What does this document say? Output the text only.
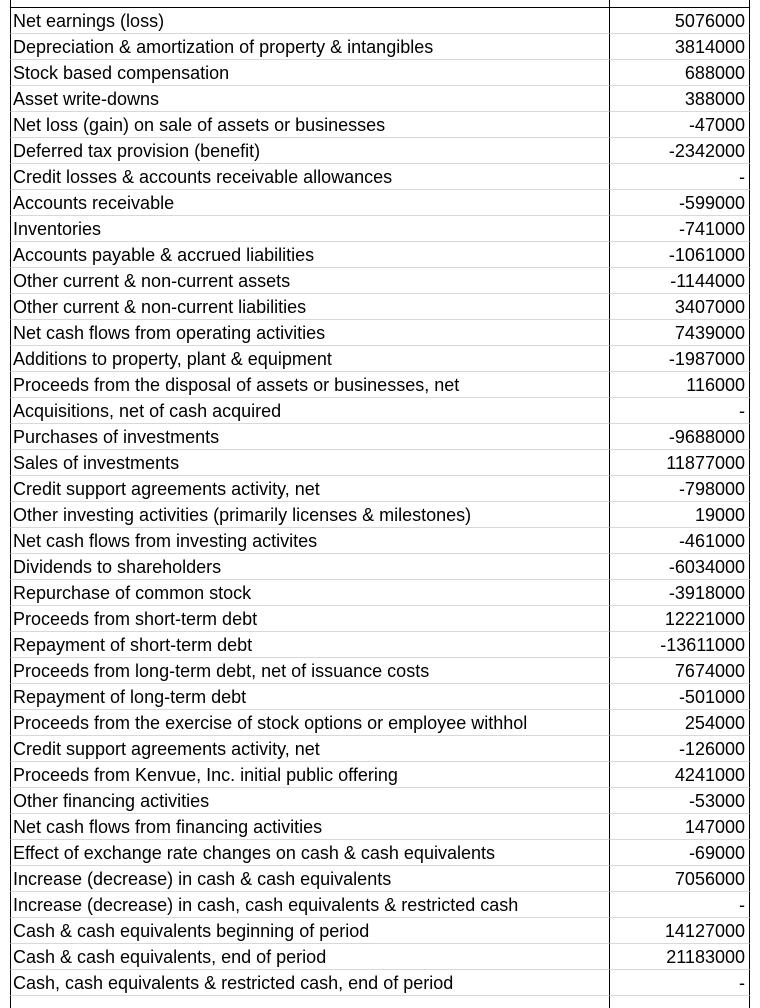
Net earnings (loss)	5076000
Depreciation & amortization of property & intangibles	3814000
Stock based compensation	688000
Asset write-downs	388000
Net loss (gain) on sale of assets or businesses	-47000
Deferred tax provision (benefit)	-2342000
Credit losses & accounts receivable allowances	-
Accounts receivable	-599000
Inventories	-741000
Accounts payable & accrued liabilities	-1061000
Other current & non-current assets	-1144000
Other current & non-current liabilities	3407000
Net cash flows from operating activities	7439000
Additions to property, plant & equipment	-1987000
Proceeds from the disposal of assets or businesses, net	116000
Acquisitions, net of cash acquired	-
Purchases of investments	-9688000
Sales of investments	11877000
Credit support agreements activity, net	-798000
Other investing activities (primarily licenses & milestones)	19000
Net cash flows from investing activites	-461000
Dividends to shareholders	-6034000
Repurchase of common stock	-3918000
Proceeds from short-term debt	12221000
Repayment of short-term debt	-13611000
Proceeds from long-term debt, net of issuance costs	7674000
Repayment of long-term debt	-501000
Proceeds from the exercise of stock options or employee withhol	254000
Credit support agreements activity, net	-126000
Proceeds from Kenvue, Inc. initial public offering	4241000
Other financing activities	-53000
Net cash flows from financing activities	147000
Effect of exchange rate changes on cash & cash equivalents	-69000
Increase (decrease) in cash & cash equivalents	7056000
Increase (decrease) in cash, cash equivalents & restricted cash	-
Cash & cash equivalents beginning of period	14127000
Cash & cash equivalents, end of period	21183000
Cash, cash equivalents & restricted cash, end of period	-
